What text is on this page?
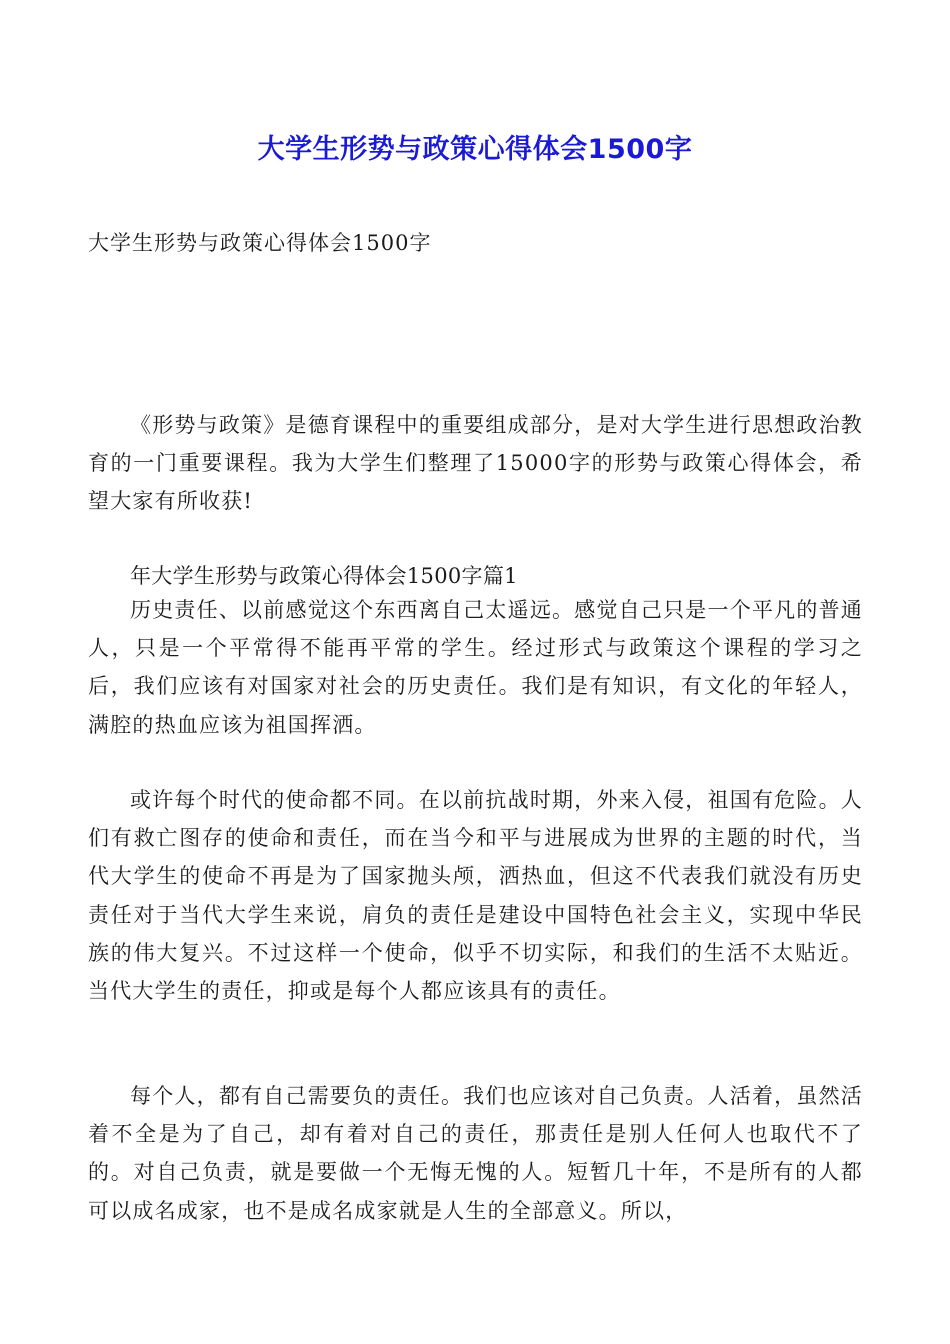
大学生形势与政策心得体会1500字
大学生形势与政策心得体会1500字
《形势与政策》是德育课程中的重要组成部分，是对大学生进行思想政治教育的一门重要课程。我为大学生们整理了15000字的形势与政策心得体会，希望大家有所收获!
年大学生形势与政策心得体会1500字篇1
历史责任、以前感觉这个东西离自己太遥远。感觉自己只是一个平凡的普通人，只是一个平常得不能再平常的学生。经过形式与政策这个课程的学习之后，我们应该有对国家对社会的历史责任。我们是有知识，有文化的年轻人，满腔的热血应该为祖国挥洒。
或许每个时代的使命都不同。在以前抗战时期，外来入侵，祖国有危险。人们有救亡图存的使命和责任，而在当今和平与进展成为世界的主题的时代，当代大学生的使命不再是为了国家抛头颅，洒热血，但这不代表我们就没有历史责任对于当代大学生来说，肩负的责任是建设中国特色社会主义，实现中华民族的伟大复兴。不过这样一个使命，似乎不切实际，和我们的生活不太贴近。当代大学生的责任，抑或是每个人都应该具有的责任。
每个人，都有自己需要负的责任。我们也应该对自己负责。人活着，虽然活着不全是为了自己，却有着对自己的责任，那责任是别人任何人也取代不了的。对自己负责，就是要做一个无悔无愧的人。短暂几十年，不是所有的人都可以成名成家，也不是成名成家就是人生的全部意义。所以，
